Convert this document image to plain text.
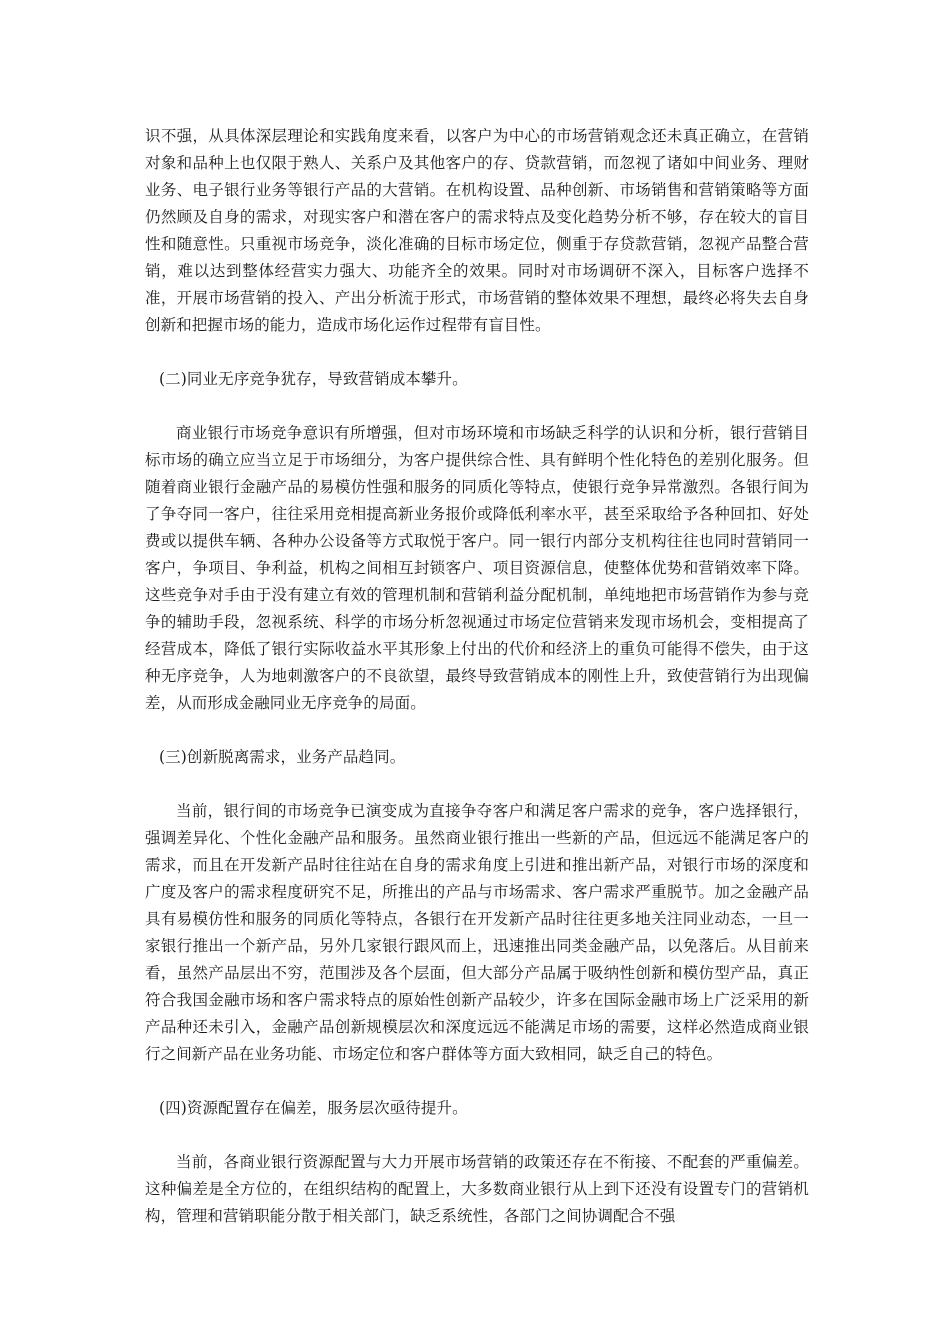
识不强，从具体深层理论和实践角度来看，以客户为中心的市场营销观念还未真正确立，在营销对象和品种上也仅限于熟人、关系户及其他客户的存、贷款营销，而忽视了诸如中间业务、理财业务、电子银行业务等银行产品的大营销。在机构设置、品种创新、市场销售和营销策略等方面仍然顾及自身的需求，对现实客户和潜在客户的需求特点及变化趋势分析不够，存在较大的盲目性和随意性。只重视市场竞争，淡化准确的目标市场定位，侧重于存贷款营销，忽视产品整合营销，难以达到整体经营实力强大、功能齐全的效果。同时对市场调研不深入，目标客户选择不准，开展市场营销的投入、产出分析流于形式，市场营销的整体效果不理想，最终必将失去自身创新和把握市场的能力，造成市场化运作过程带有盲目性。

(二)同业无序竞争犹存，导致营销成本攀升。

商业银行市场竞争意识有所增强，但对市场环境和市场缺乏科学的认识和分析，银行营销目标市场的确立应当立足于市场细分，为客户提供综合性、具有鲜明个性化特色的差别化服务。但随着商业银行金融产品的易模仿性强和服务的同质化等特点，使银行竞争异常激烈。各银行间为了争夺同一客户，往往采用竞相提高新业务报价或降低利率水平，甚至采取给予各种回扣、好处费或以提供车辆、各种办公设备等方式取悦于客户。同一银行内部分支机构往往也同时营销同一客户，争项目、争利益，机构之间相互封锁客户、项目资源信息，使整体优势和营销效率下降。这些竞争对手由于没有建立有效的管理机制和营销利益分配机制，单纯地把市场营销作为参与竞争的辅助手段，忽视系统、科学的市场分析忽视通过市场定位营销来发现市场机会，变相提高了经营成本，降低了银行实际收益水平其形象上付出的代价和经济上的重负可能得不偿失，由于这种无序竞争，人为地刺激客户的不良欲望，最终导致营销成本的刚性上升，致使营销行为出现偏差，从而形成金融同业无序竞争的局面。

(三)创新脱离需求，业务产品趋同。

当前，银行间的市场竞争已演变成为直接争夺客户和满足客户需求的竞争，客户选择银行，强调差异化、个性化金融产品和服务。虽然商业银行推出一些新的产品，但远远不能满足客户的需求，而且在开发新产品时往往站在自身的需求角度上引进和推出新产品，对银行市场的深度和广度及客户的需求程度研究不足，所推出的产品与市场需求、客户需求严重脱节。加之金融产品具有易模仿性和服务的同质化等特点，各银行在开发新产品时往往更多地关注同业动态，一旦一家银行推出一个新产品，另外几家银行跟风而上，迅速推出同类金融产品，以免落后。从目前来看，虽然产品层出不穷，范围涉及各个层面，但大部分产品属于吸纳性创新和模仿型产品，真正符合我国金融市场和客户需求特点的原始性创新产品较少，许多在国际金融市场上广泛采用的新产品种还未引入，金融产品创新规模层次和深度远远不能满足市场的需要，这样必然造成商业银行之间新产品在业务功能、市场定位和客户群体等方面大致相同，缺乏自己的特色。

(四)资源配置存在偏差，服务层次亟待提升。

当前，各商业银行资源配置与大力开展市场营销的政策还存在不衔接、不配套的严重偏差。这种偏差是全方位的，在组织结构的配置上，大多数商业银行从上到下还没有设置专门的营销机构，管理和营销职能分散于相关部门，缺乏系统性，各部门之间协调配合不强
